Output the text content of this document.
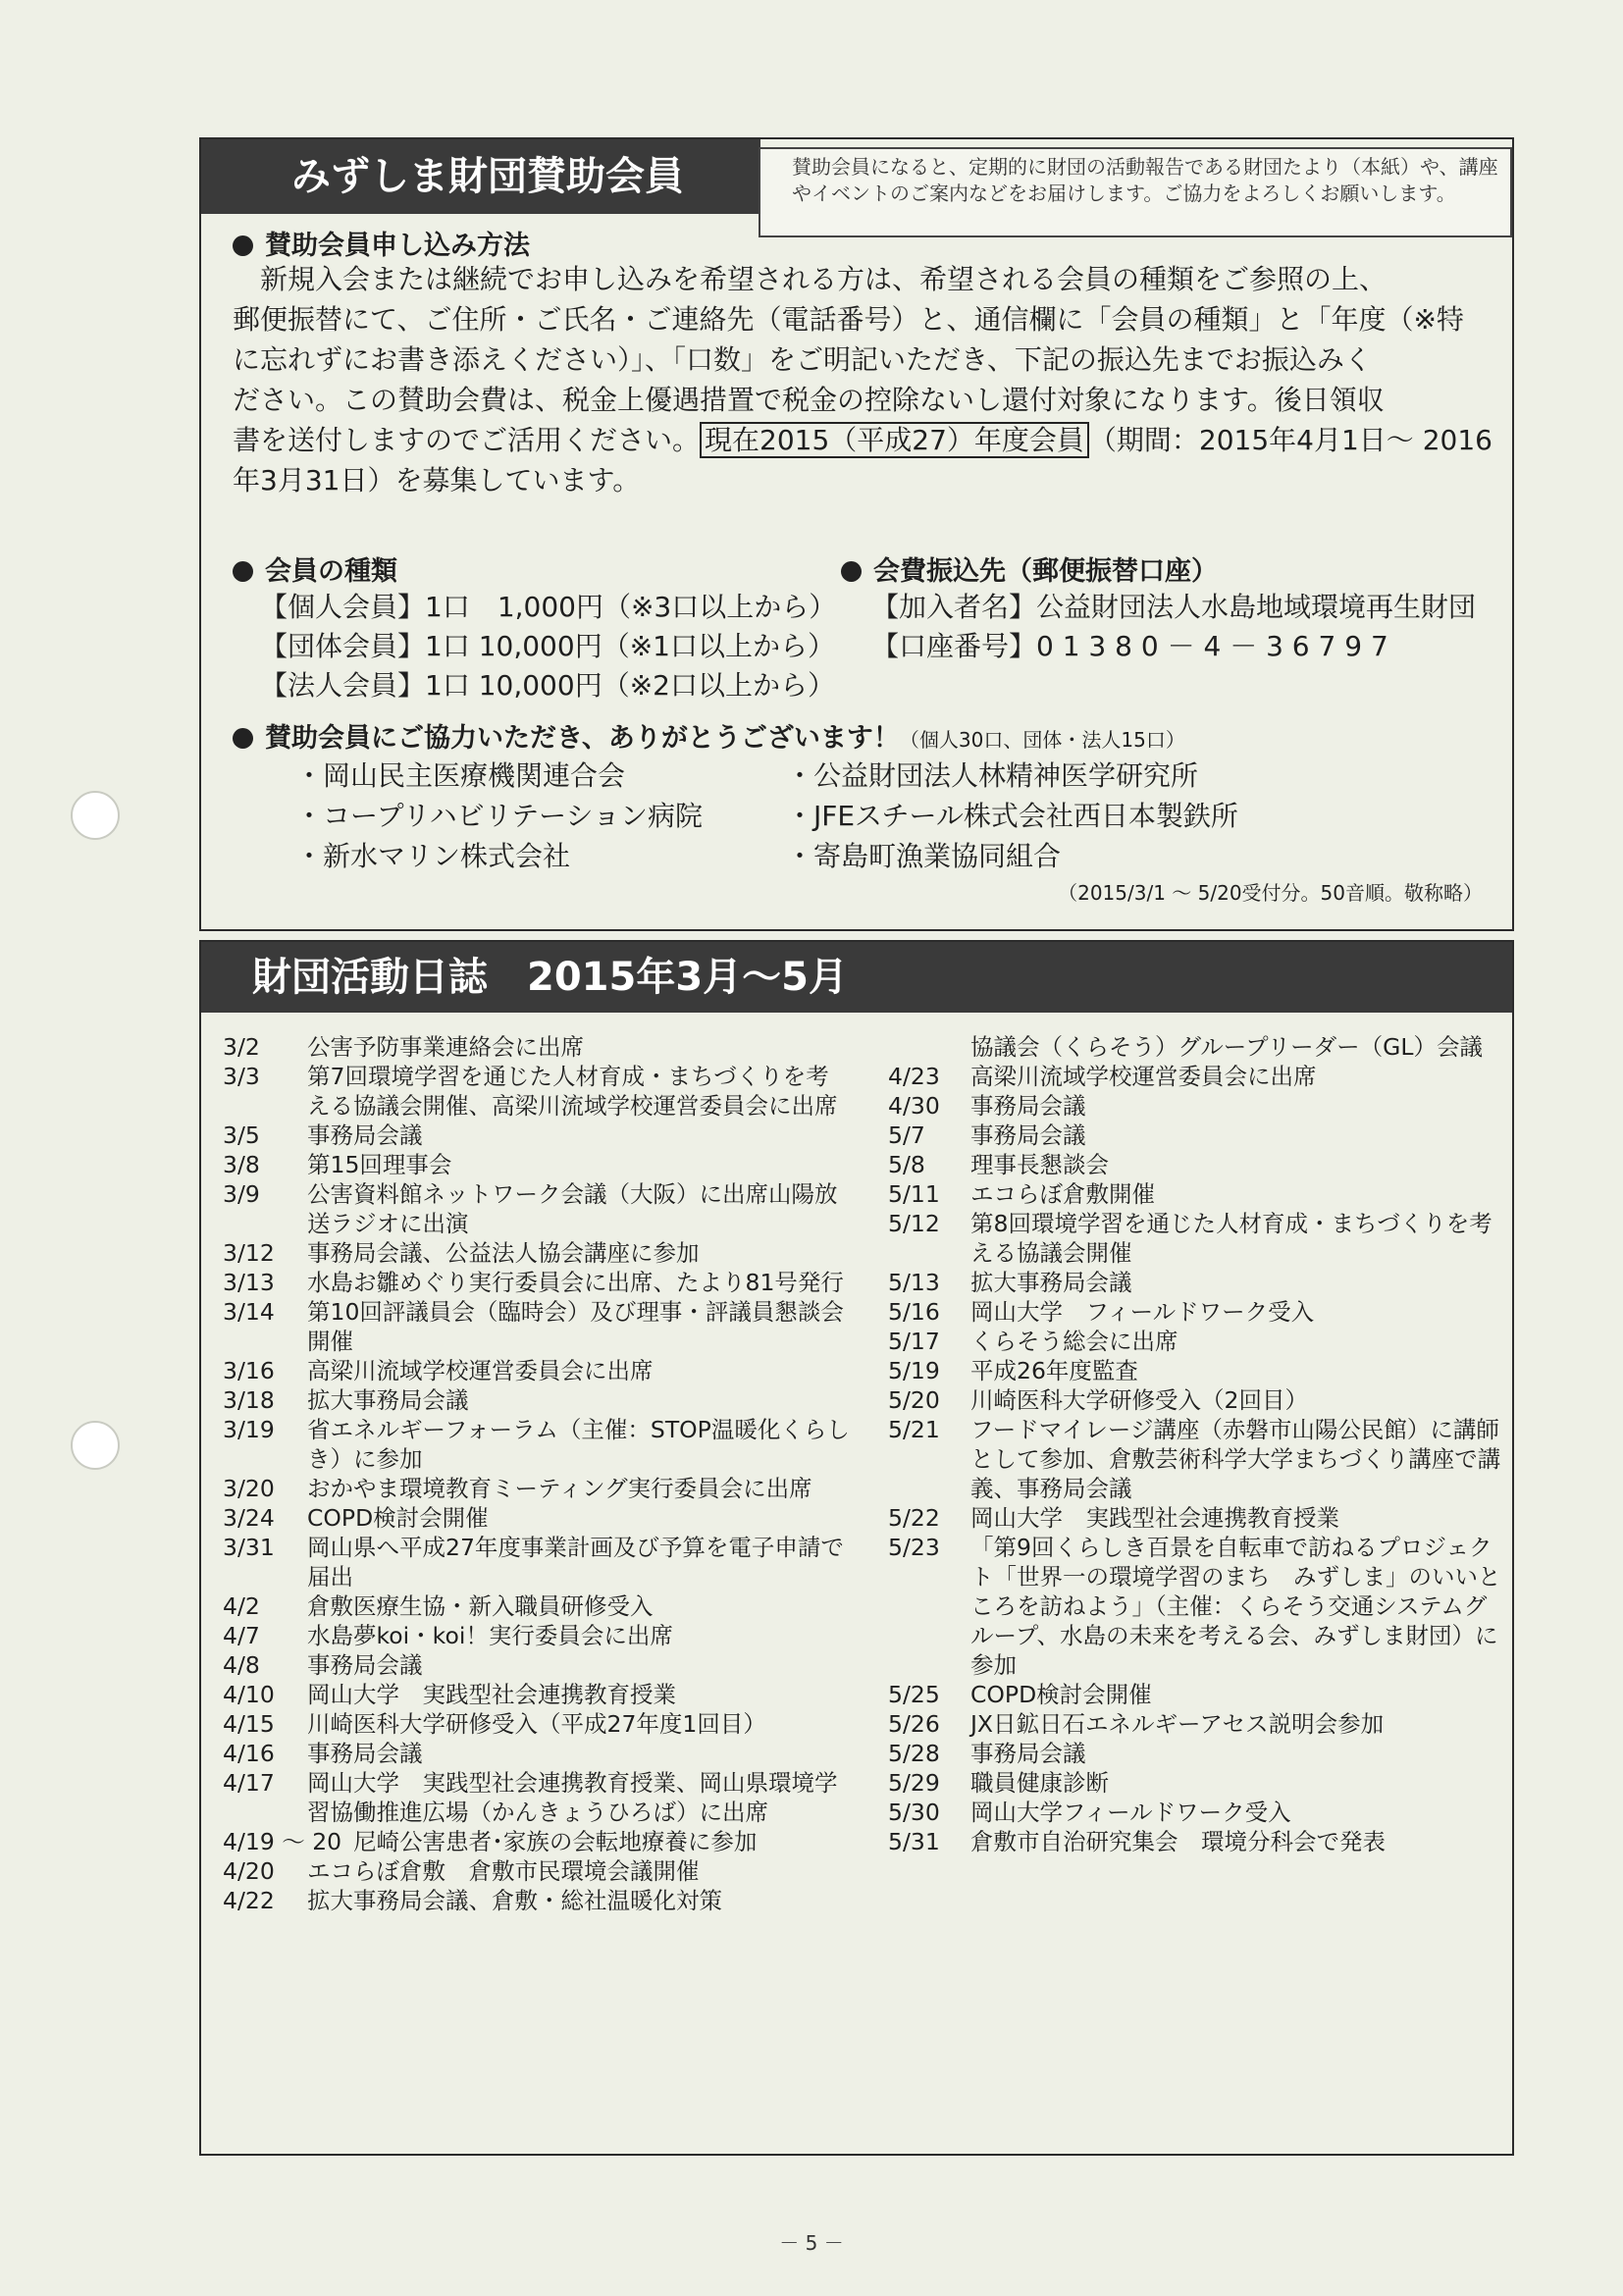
みずしま財団賛助会員	賛助会員になると、定期的に財団の活動報告である財団たより（本紙）や、講座やイベントのご案内などをお届けします。ご協力をよろしくお願いします。
賛助会員申し込み方法

新規入会または継続でお申し込みを希望される方は、希望される会員の種類をご参照の上、

郵便振替にて、ご住所・ご氏名・ご連絡先（電話番号）と、通信欄に「会員の種類」と「年度（※特

に忘れずにお書き添えください）」、「口数」をご明記いただき、下記の振込先までお振込みく

ださい。この賛助会費は、税金上優遇措置で税金の控除ないし還付対象になります。後日領収

書を送付しますのでご活用ください。 現在2015（平成27）年度会員 （期間：2015年4月1日～ 2016

年3月31日）を募集しています。

会員の種類
【個人会員】1口　1,000円（※3口以上から）
【団体会員】1口 10,000円（※1口以上から）
【法人会員】1口 10,000円（※2口以上から）
会費振込先（郵便振替口座）
【加入者名】公益財団法人水島地域環境再生財団
【口座番号】0 1 3 8 0 － 4 － 3 6 7 9 7
賛助会員にご協力いただき、ありがとうございます！（個人30口、団体・法人15口）
・岡山民主医療機関連合会
・コープリハビリテーション病院
・新水マリン株式会社
・公益財団法人林精神医学研究所
・JFEスチール株式会社西日本製鉄所
・寄島町漁業協同組合
（2015/3/1 ～ 5/20受付分。50音順。敬称略）
財団活動日誌　2015年3月～5月
3/2	公害予防事業連絡会に出席
3/3	第7回環境学習を通じた人材育成・まちづくりを考える協議会開催、高梁川流域学校運営委員会に出席
3/5	事務局会議
3/8	第15回理事会
3/9	公害資料館ネットワーク会議（大阪）に出席山陽放送ラジオに出演
3/12	事務局会議、公益法人協会講座に参加
3/13	水島お雛めぐり実行委員会に出席、たより81号発行
3/14	第10回評議員会（臨時会）及び理事・評議員懇談会開催
3/16	高梁川流域学校運営委員会に出席
3/18	拡大事務局会議
3/19	省エネルギーフォーラム（主催：STOP温暖化くらしき）に参加
3/20	おかやま環境教育ミーティング実行委員会に出席
3/24	COPD検討会開催
3/31	岡山県へ平成27年度事業計画及び予算を電子申請で届出
4/2	倉敷医療生協・新入職員研修受入
4/7	水島夢koi・koi！実行委員会に出席
4/8	事務局会議
4/10	岡山大学　実践型社会連携教育授業
4/15	川崎医科大学研修受入（平成27年度1回目）
4/16	事務局会議
4/17	岡山大学　実践型社会連携教育授業、岡山県環境学習協働推進広場（かんきょうひろば）に出席
4/19 ～ 20 尼崎公害患者･家族の会転地療養に参加
4/20	エコらぼ倉敷　倉敷市民環境会議開催
4/22	拡大事務局会議、倉敷・総社温暖化対策
協議会（くらそう）グループリーダー（GL）会議
4/23	高梁川流域学校運営委員会に出席
4/30	事務局会議
5/7	事務局会議
5/8	理事長懇談会
5/11	エコらぼ倉敷開催
5/12	第8回環境学習を通じた人材育成・まちづくりを考える協議会開催
5/13	拡大事務局会議
5/16	岡山大学　フィールドワーク受入
5/17	くらそう総会に出席
5/19	平成26年度監査
5/20	川崎医科大学研修受入（2回目）
5/21	フードマイレージ講座（赤磐市山陽公民館）に講師として参加、倉敷芸術科学大学まちづくり講座で講義、事務局会議
5/22	岡山大学　実践型社会連携教育授業
5/23	「第9回くらしき百景を自転車で訪ねるプロジェクト「世界一の環境学習のまち　みずしま」のいいところを訪ねよう」（主催：くらそう交通システムグループ、水島の未来を考える会、みずしま財団）に参加
5/25	COPD検討会開催
5/26	JX日鉱日石エネルギーアセス説明会参加
5/28	事務局会議
5/29	職員健康診断
5/30	岡山大学フィールドワーク受入
5/31	倉敷市自治研究集会　環境分科会で発表
－ 5 －
